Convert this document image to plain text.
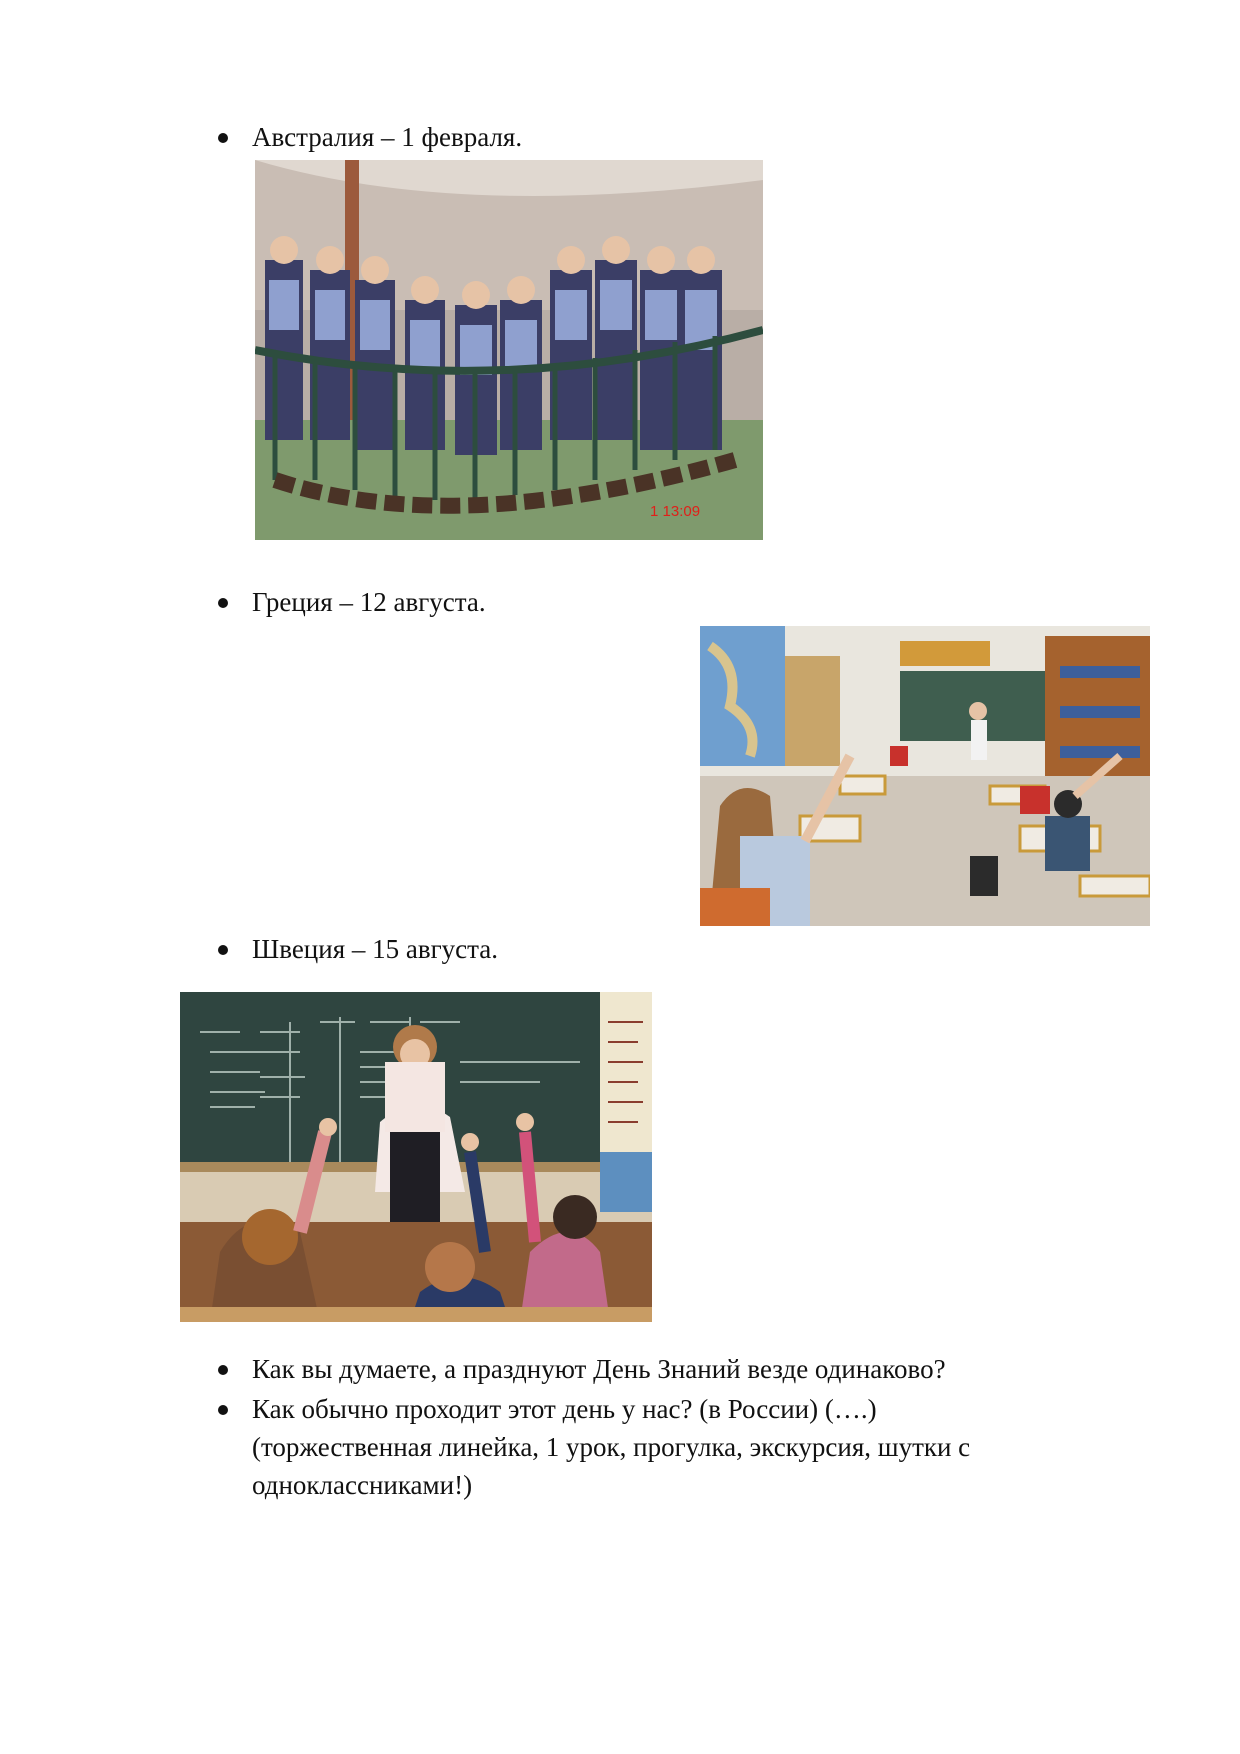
Австралия – 1 февраля.
1 13:09
Греция – 12 августа.
Швеция – 15 августа.
Как вы думаете, а празднуют День Знаний везде одинаково?
Как обычно проходит этот день у нас? (в России) (….)
(торжественная линейка, 1 урок, прогулка, экскурсия, шутки с
одноклассниками!)
